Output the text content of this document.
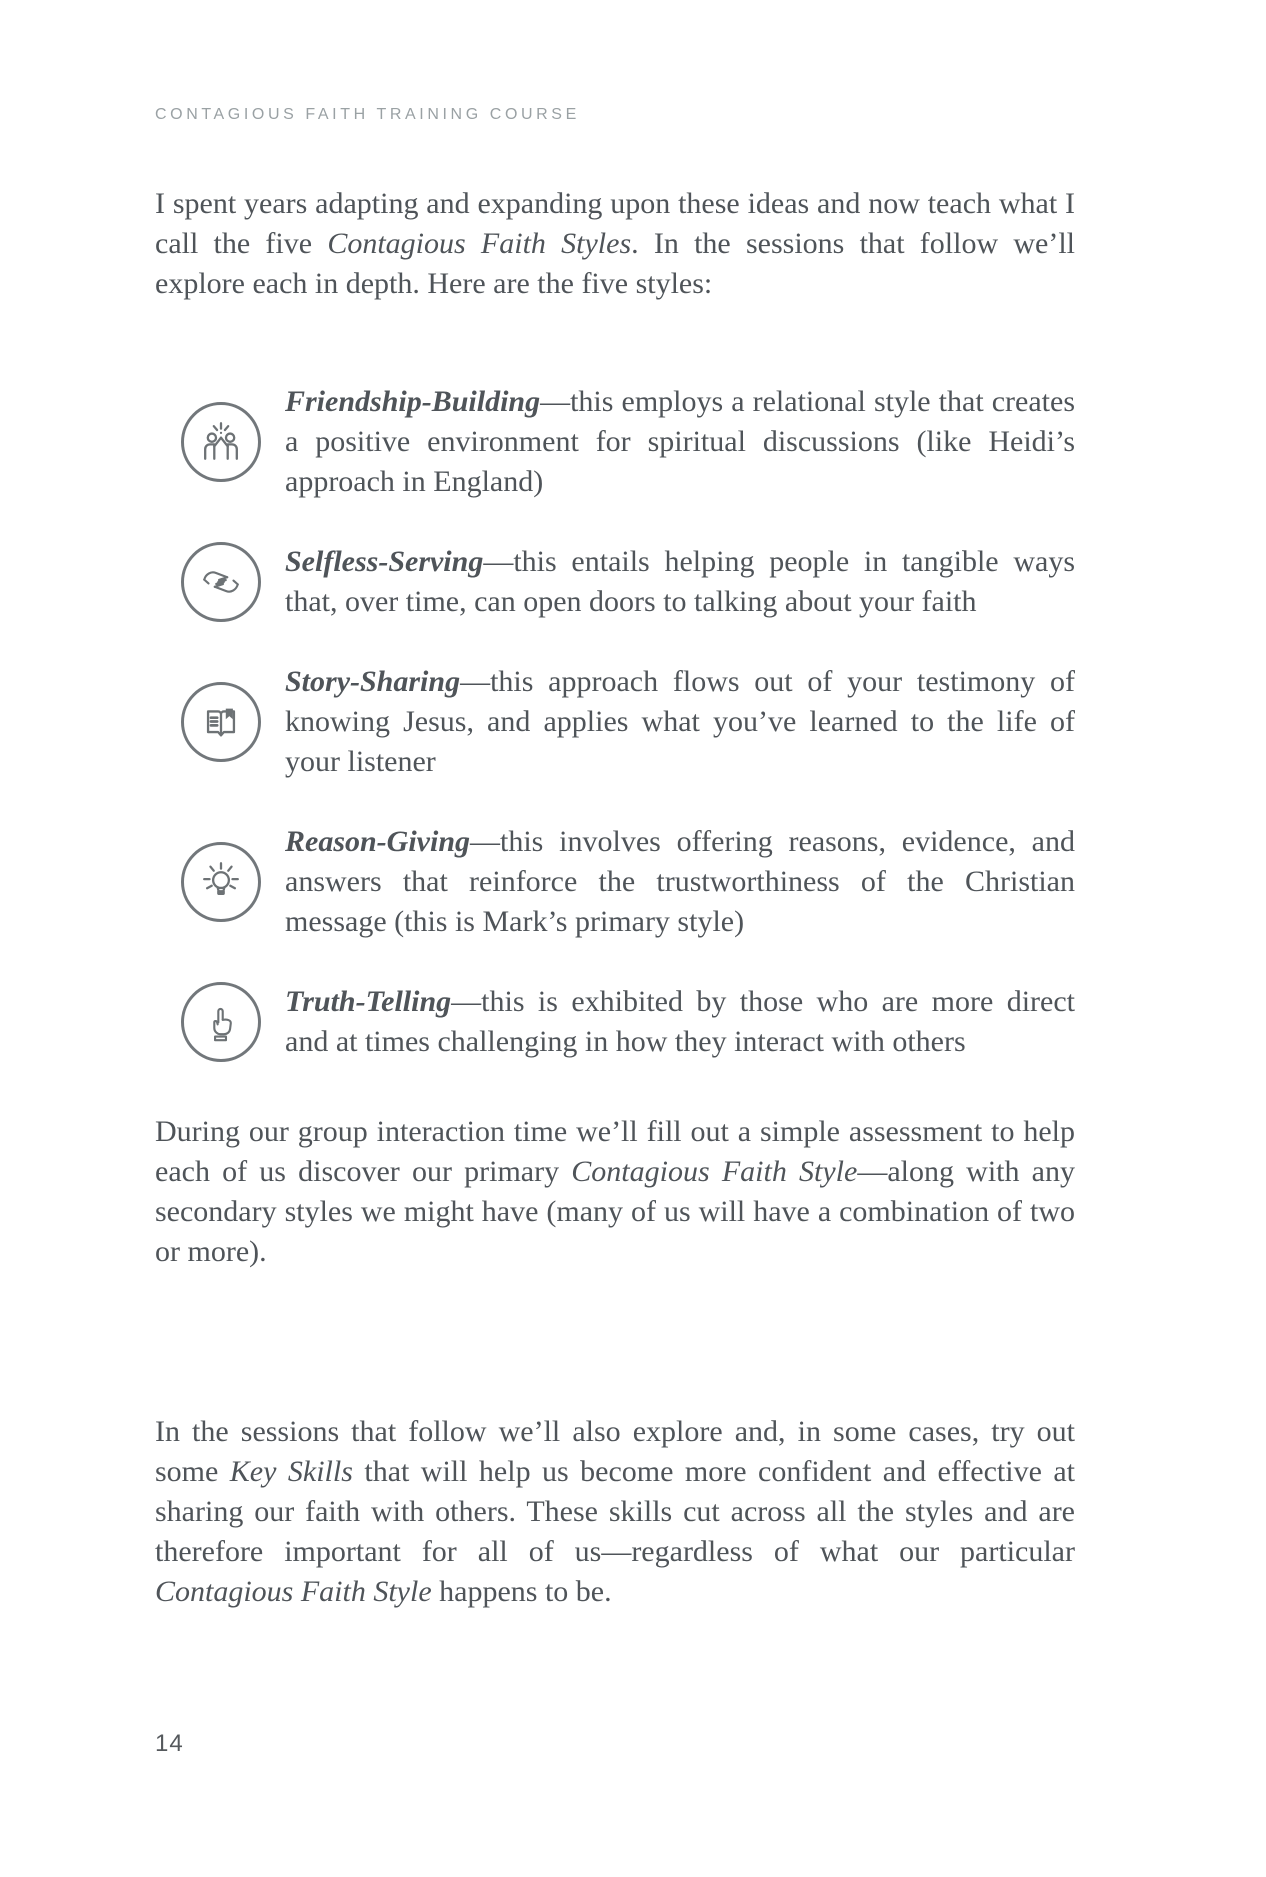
CONTAGIOUS FAITH TRAINING COURSE

I spent years adapting and expanding upon these ideas and now teach what I call the five Contagious Faith Styles. In the sessions that follow we’ll explore each in depth. Here are the five styles:

Friendship-Building—this employs a relational style that creates a positive environment for spiritual discussions (like Heidi’s approach in England)
Selfless-Serving—this entails helping people in tangible ways that, over time, can open doors to talking about your faith
Story-Sharing—this approach flows out of your testimony of knowing Jesus, and applies what you’ve learned to the life of your listener
Reason-Giving—this involves offering reasons, evidence, and answers that reinforce the trustworthiness of the Christian message (this is Mark’s primary style)
Truth-Telling—this is exhibited by those who are more direct and at times challenging in how they interact with others

During our group interaction time we’ll fill out a simple assessment to help each of us discover our primary Contagious Faith Style—along with any secondary styles we might have (many of us will have a combination of two or more).

In the sessions that follow we’ll also explore and, in some cases, try out some Key Skills that will help us become more confident and effective at sharing our faith with others. These skills cut across all the styles and are therefore important for all of us—regardless of what our particular Contagious Faith Style happens to be.

14
